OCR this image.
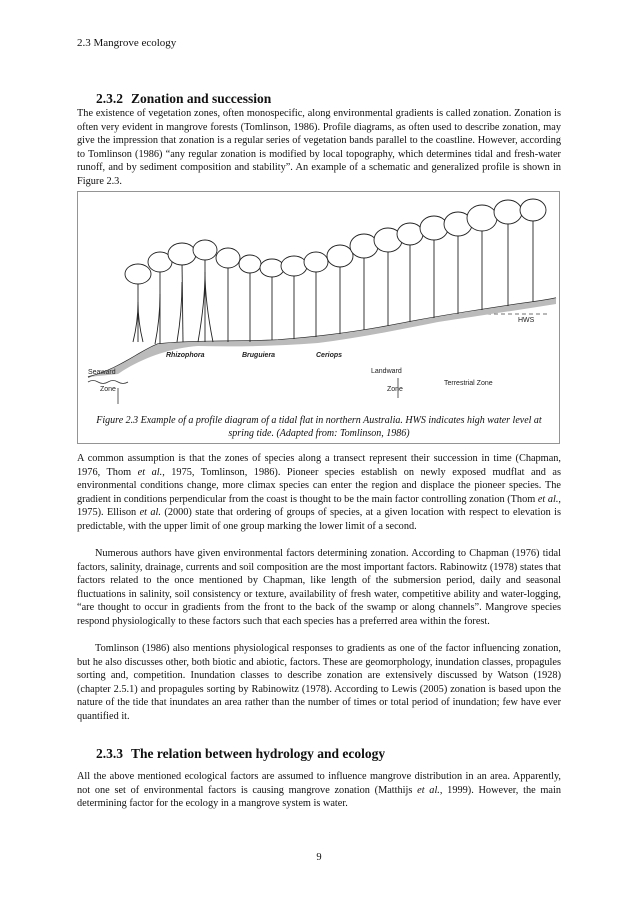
2.3 Mangrove ecology
2.3.2 Zonation and succession

The existence of vegetation zones, often monospecific, along environmental gradients is called zonation. Zonation is often very evident in mangrove forests (Tomlinson, 1986). Profile diagrams, as often used to describe zonation, may give the impression that zonation is a regular series of vegetation bands parallel to the coastline. However, according to Tomlinson (1986) “any regular zonation is modified by local topography, which determines tidal and fresh-water runoff, and by sediment composition and stability”. An example of a schematic and generalized profile is shown in Figure 2.3.

HWS
Rhizophora	Bruguiera	Ceriops
Seaward
Zone
Landward
Zone
Terrestrial Zone
Figure 2.3 Example of a profile diagram of a tidal flat in northern Australia. HWS indicates high water level at spring tide. (Adapted from: Tomlinson, 1986)

A common assumption is that the zones of species along a transect represent their succession in time (Chapman, 1976, Thom et al., 1975, Tomlinson, 1986). Pioneer species establish on newly exposed mudflat and as environmental conditions change, more climax species can enter the region and displace the pioneer species. The gradient in conditions perpendicular from the coast is thought to be the main factor controlling zonation (Thom et al., 1975). Ellison et al. (2000) state that ordering of groups of species, at a given location with respect to elevation is predictable, with the upper limit of one group marking the lower limit of a second.

Numerous authors have given environmental factors determining zonation. According to Chapman (1976) tidal factors, salinity, drainage, currents and soil composition are the most important factors. Rabinowitz (1978) states that factors related to the once mentioned by Chapman, like length of the submersion period, daily and seasonal fluctuations in salinity, soil consistency or texture, availability of fresh water, competitive ability and water-logging, “are thought to occur in gradients from the front to the back of the swamp or along channels”. Mangrove species respond physiologically to these factors such that each species has a preferred area within the forest.

Tomlinson (1986) also mentions physiological responses to gradients as one of the factor influencing zonation, but he also discusses other, both biotic and abiotic, factors. These are geomorphology, inundation classes, propagules sorting and, competition. Inundation classes to describe zonation are extensively discussed by Watson (1928) (chapter 2.5.1) and propagules sorting by Rabinowitz (1978). According to Lewis (2005) zonation is based upon the nature of the tide that inundates an area rather than the number of times or total period of inundation; few have ever quantified it.

2.3.3 The relation between hydrology and ecology

All the above mentioned ecological factors are assumed to influence mangrove distribution in an area. Apparently, not one set of environmental factors is causing mangrove zonation (Matthijs et al., 1999). However, the main determining factor for the ecology in a mangrove system is water.

9
